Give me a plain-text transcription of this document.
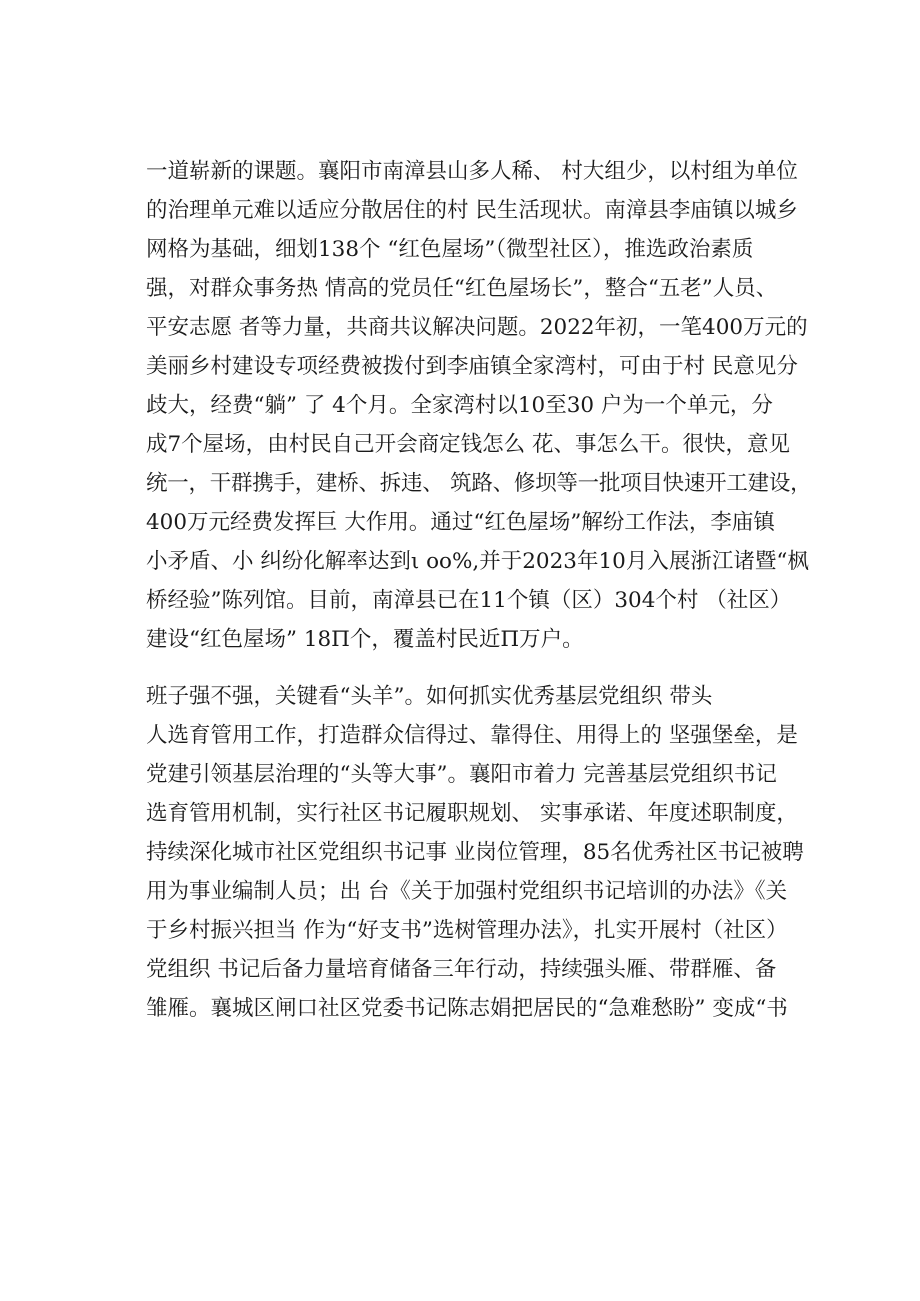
一道崭新的课题。襄阳市南漳县山多人稀、 村大组少，以村组为单位
的治理单元难以适应分散居住的村 民生活现状。南漳县李庙镇以城乡
网格为基础，细划138个 “红色屋场”（微型社区），推选政治素质
强，对群众事务热 情高的党员任“红色屋场长”，整合“五老”人员、
平安志愿 者等力量，共商共议解决问题。2022年初，一笔400万元的
美丽乡村建设专项经费被拨付到李庙镇全家湾村，可由于村 民意见分
歧大，经费“躺” 了 4个月。全家湾村以10至30 户为一个单元，分
成7个屋场，由村民自己开会商定钱怎么 花、事怎么干。很快，意见
统一，干群携手，建桥、拆违、 筑路、修坝等一批项目快速开工建设，
400万元经费发挥巨 大作用。通过“红色屋场”解纷工作法，李庙镇
小矛盾、小 纠纷化解率达到ι oo%,并于2023年10月入展浙江诸暨“枫
桥经验”陈列馆。目前，南漳县已在11个镇（区）304个村 （社区）
建设“红色屋场” 18Π个，覆盖村民近Π万户。
班子强不强，关键看“头羊”。如何抓实优秀基层党组织 带头
人选育管用工作，打造群众信得过、靠得住、用得上的 坚强堡垒，是
党建引领基层治理的“头等大事”。襄阳市着力 完善基层党组织书记
选育管用机制，实行社区书记履职规划、 实事承诺、年度述职制度，
持续深化城市社区党组织书记事 业岗位管理，85名优秀社区书记被聘
用为事业编制人员；出 台《关于加强村党组织书记培训的办法》《关
于乡村振兴担当 作为“好支书”选树管理办法》，扎实开展村（社区）
党组织 书记后备力量培育储备三年行动，持续强头雁、带群雁、备
雏雁。襄城区闸口社区党委书记陈志娟把居民的“急难愁盼” 变成“书
